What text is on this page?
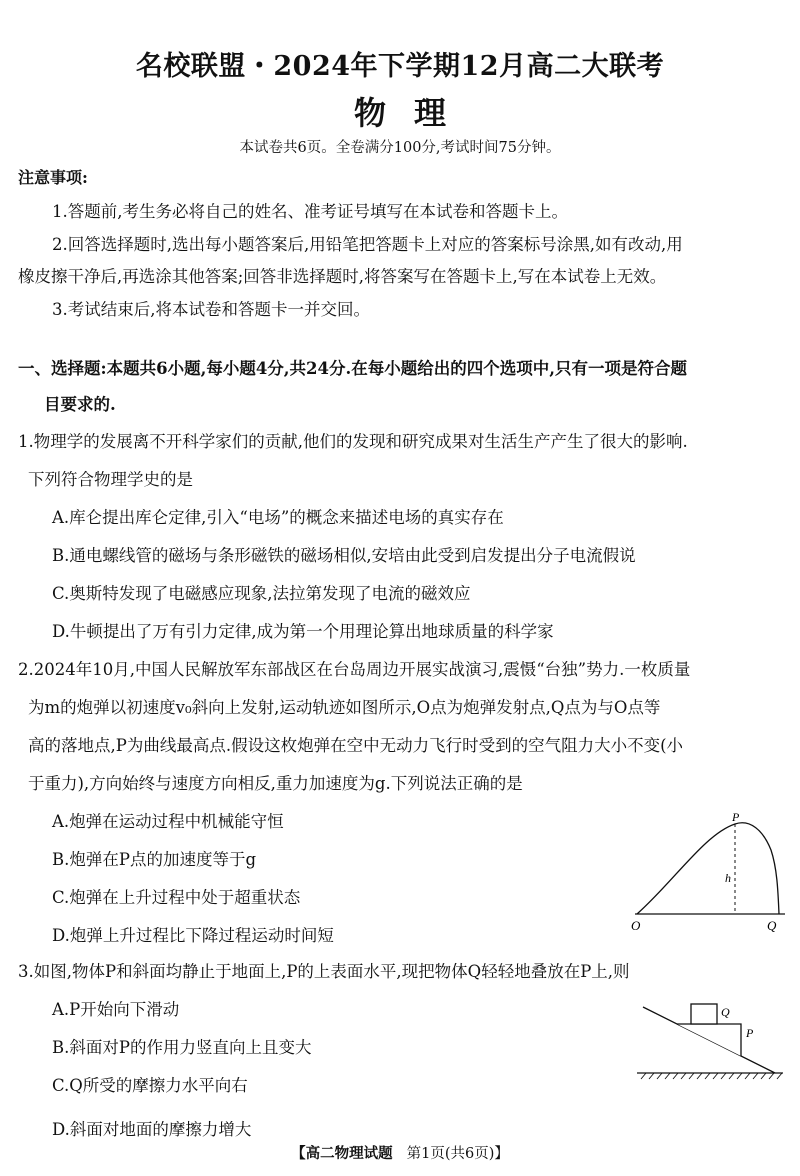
名校联盟・2024年下学期12月高二大联考
物理
本试卷共6页。全卷满分100分,考试时间75分钟。
注意事项:
1.答题前,考生务必将自己的姓名、准考证号填写在本试卷和答题卡上。
2.回答选择题时,选出每小题答案后,用铅笔把答题卡上对应的答案标号涂黑,如有改动,用
橡皮擦干净后,再选涂其他答案;回答非选择题时,将答案写在答题卡上,写在本试卷上无效。
3.考试结束后,将本试卷和答题卡一并交回。
一、选择题:本题共6小题,每小题4分,共24分.在每小题给出的四个选项中,只有一项是符合题
目要求的.
1.物理学的发展离不开科学家们的贡献,他们的发现和研究成果对生活生产产生了很大的影响.
下列符合物理学史的是
A.库仑提出库仑定律,引入“电场”的概念来描述电场的真实存在
B.通电螺线管的磁场与条形磁铁的磁场相似,安培由此受到启发提出分子电流假说
C.奥斯特发现了电磁感应现象,法拉第发现了电流的磁效应
D.牛顿提出了万有引力定律,成为第一个用理论算出地球质量的科学家
2.2024年10月,中国人民解放军东部战区在台岛周边开展实战演习,震慑“台独”势力.一枚质量
为m的炮弹以初速度v₀斜向上发射,运动轨迹如图所示,O点为炮弹发射点,Q点为与O点等
高的落地点,P为曲线最高点.假设这枚炮弹在空中无动力飞行时受到的空气阻力大小不变(小
于重力),方向始终与速度方向相反,重力加速度为g.下列说法正确的是
A.炮弹在运动过程中机械能守恒
B.炮弹在P点的加速度等于g
C.炮弹在上升过程中处于超重状态
D.炮弹上升过程比下降过程运动时间短
P
h
O	Q
3.如图,物体P和斜面均静止于地面上,P的上表面水平,现把物体Q轻轻地叠放在P上,则
A.P开始向下滑动
B.斜面对P的作用力竖直向上且变大
C.Q所受的摩擦力水平向右
D.斜面对地面的摩擦力增大
Q
P
【高二物理试题 第1页(共6页)】
